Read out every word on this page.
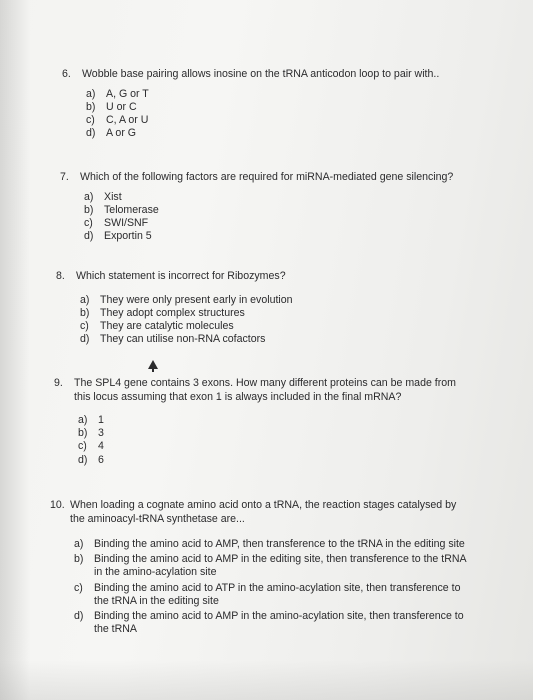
6. Wobble base pairing allows inosine on the tRNA anticodon loop to pair with..
a) A, G or T
b) U or C
c) C, A or U
d) A or G
7. Which of the following factors are required for miRNA-mediated gene silencing?
a) Xist
b) Telomerase
c) SWI/SNF
d) Exportin 5
8. Which statement is incorrect for Ribozymes?
a) They were only present early in evolution
b) They adopt complex structures
c) They are catalytic molecules
d) They can utilise non-RNA cofactors
9. The SPL4 gene contains 3 exons. How many different proteins can be made from this locus assuming that exon 1 is always included in the final mRNA?
a) 1
b) 3
c) 4
d) 6
10. When loading a cognate amino acid onto a tRNA, the reaction stages catalysed by the aminoacyl-tRNA synthetase are...
a) Binding the amino acid to AMP, then transference to the tRNA in the editing site
b) Binding the amino acid to AMP in the editing site, then transference to the tRNA in the amino-acylation site
c) Binding the amino acid to ATP in the amino-acylation site, then transference to the tRNA in the editing site
d) Binding the amino acid to AMP in the amino-acylation site, then transference to the tRNA
